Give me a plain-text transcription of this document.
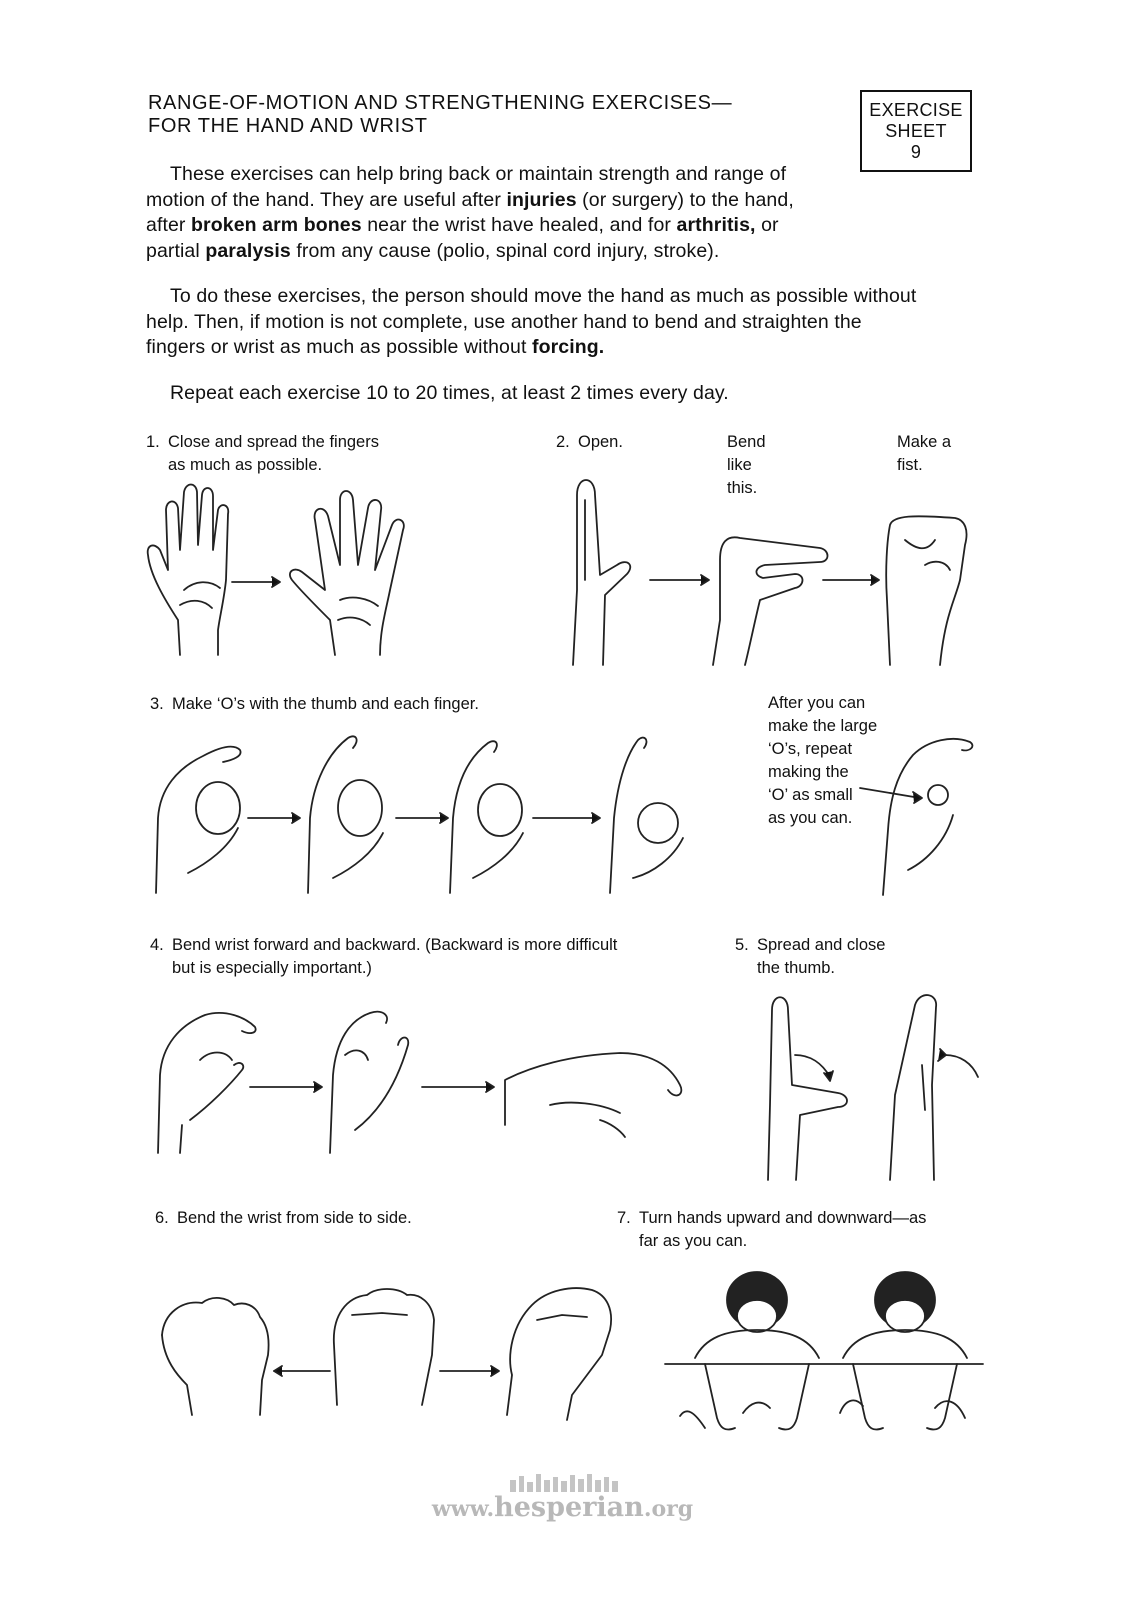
RANGE-OF-MOTION AND STRENGTHENING EXERCISES—
FOR THE HAND AND WRIST
EXERCISE
SHEET
9
These exercises can help bring back or maintain strength and range of
motion of the hand. They are useful after injuries (or surgery) to the hand,
after broken arm bones near the wrist have healed, and for arthritis, or
partial paralysis from any cause (polio, spinal cord injury, stroke).
To do these exercises, the person should move the hand as much as possible without
help. Then, if motion is not complete, use another hand to bend and straighten the
fingers or wrist as much as possible without forcing.
Repeat each exercise 10 to 20 times, at least 2 times every day.
1. Close and spread the fingers
as much as possible.
2. Open.	Bend
like
this.
Make a
fist.
3. Make ‘O’s with the thumb and each finger.	After you can
make the large
‘O’s, repeat
making the
‘O’ as small
as you can.
4. Bend wrist forward and backward. (Backward is more difficult
but is especially important.)
5. Spread and close
the thumb.
6. Bend the wrist from side to side.	7. Turn hands upward and downward—as
far as you can.
www.hesperian.org
